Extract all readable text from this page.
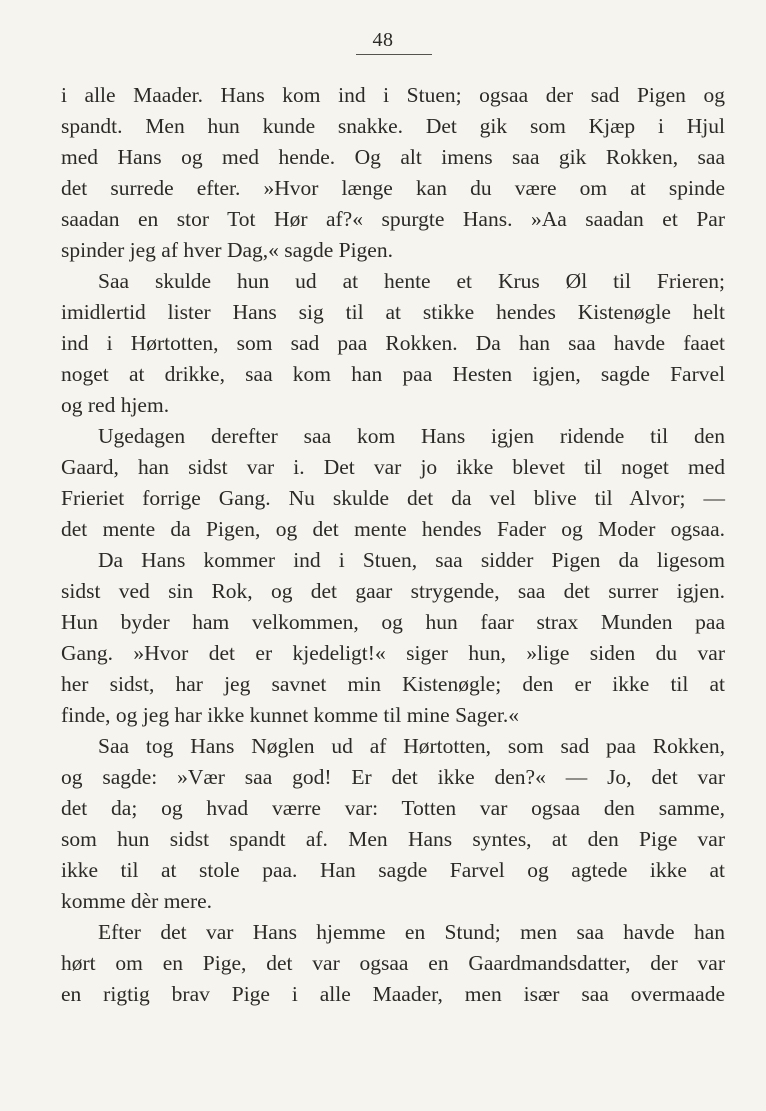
48
i alle Maader. Hans kom ind i Stuen; ogsaa der sad Pigen og
spandt. Men hun kunde snakke. Det gik som Kjæp i Hjul
med Hans og med hende. Og alt imens saa gik Rokken, saa
det surrede efter. »Hvor længe kan du være om at spinde
saadan en stor Tot Hør af?« spurgte Hans. »Aa saadan et Par
spinder jeg af hver Dag,« sagde Pigen.
Saa skulde hun ud at hente et Krus Øl til Frieren;
imidlertid lister Hans sig til at stikke hendes Kistenøgle helt
ind i Hørtotten, som sad paa Rokken. Da han saa havde faaet
noget at drikke, saa kom han paa Hesten igjen, sagde Farvel
og red hjem.
Ugedagen derefter saa kom Hans igjen ridende til den
Gaard, han sidst var i. Det var jo ikke blevet til noget med
Frieriet forrige Gang. Nu skulde det da vel blive til Alvor; —
det mente da Pigen, og det mente hendes Fader og Moder ogsaa.
Da Hans kommer ind i Stuen, saa sidder Pigen da ligesom
sidst ved sin Rok, og det gaar strygende, saa det surrer igjen.
Hun byder ham velkommen, og hun faar strax Munden paa
Gang. »Hvor det er kjedeligt!« siger hun, »lige siden du var
her sidst, har jeg savnet min Kistenøgle; den er ikke til at
finde, og jeg har ikke kunnet komme til mine Sager.«
Saa tog Hans Nøglen ud af Hørtotten, som sad paa Rokken,
og sagde: »Vær saa god! Er det ikke den?« — Jo, det var
det da; og hvad værre var: Totten var ogsaa den samme,
som hun sidst spandt af. Men Hans syntes, at den Pige var
ikke til at stole paa. Han sagde Farvel og agtede ikke at
komme dèr mere.
Efter det var Hans hjemme en Stund; men saa havde han
hørt om en Pige, det var ogsaa en Gaardmandsdatter, der var
en rigtig brav Pige i alle Maader, men især saa overmaade
